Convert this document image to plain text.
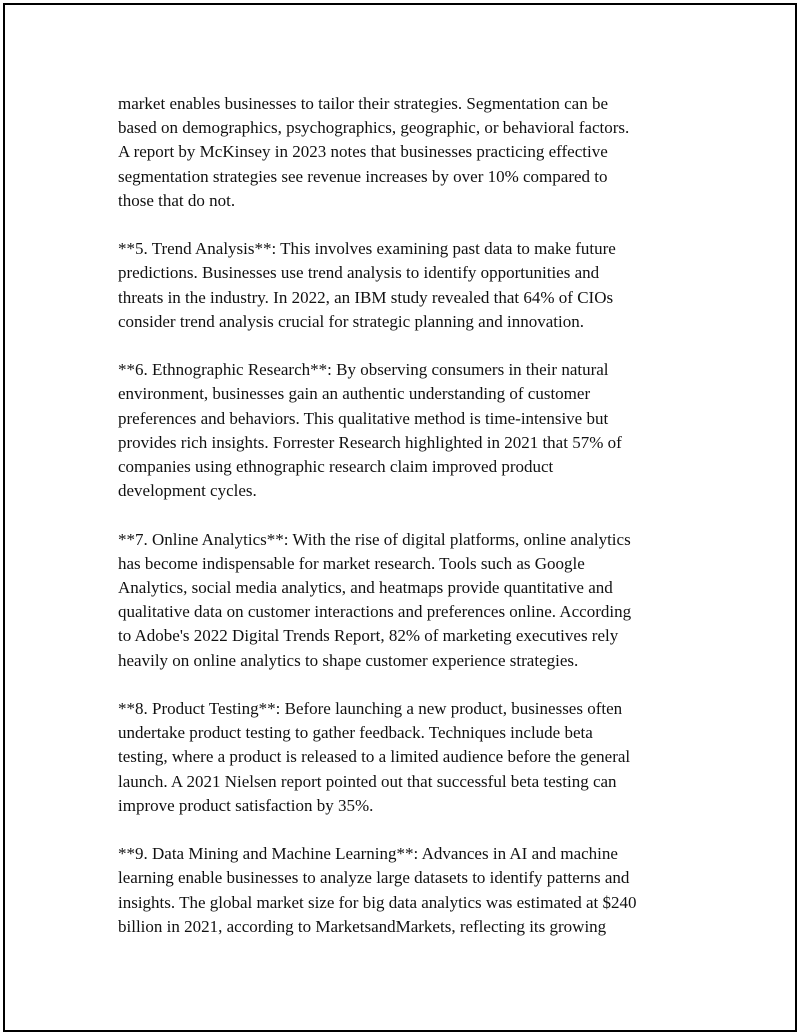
market enables businesses to tailor their strategies. Segmentation can be
based on demographics, psychographics, geographic, or behavioral factors.
A report by McKinsey in 2023 notes that businesses practicing effective
segmentation strategies see revenue increases by over 10% compared to
those that do not.

**5. Trend Analysis**: This involves examining past data to make future
predictions. Businesses use trend analysis to identify opportunities and
threats in the industry. In 2022, an IBM study revealed that 64% of CIOs
consider trend analysis crucial for strategic planning and innovation.

**6. Ethnographic Research**: By observing consumers in their natural
environment, businesses gain an authentic understanding of customer
preferences and behaviors. This qualitative method is time-intensive but
provides rich insights. Forrester Research highlighted in 2021 that 57% of
companies using ethnographic research claim improved product
development cycles.

**7. Online Analytics**: With the rise of digital platforms, online analytics
has become indispensable for market research. Tools such as Google
Analytics, social media analytics, and heatmaps provide quantitative and
qualitative data on customer interactions and preferences online. According
to Adobe's 2022 Digital Trends Report, 82% of marketing executives rely
heavily on online analytics to shape customer experience strategies.

**8. Product Testing**: Before launching a new product, businesses often
undertake product testing to gather feedback. Techniques include beta
testing, where a product is released to a limited audience before the general
launch. A 2021 Nielsen report pointed out that successful beta testing can
improve product satisfaction by 35%.

**9. Data Mining and Machine Learning**: Advances in AI and machine
learning enable businesses to analyze large datasets to identify patterns and
insights. The global market size for big data analytics was estimated at $240
billion in 2021, according to MarketsandMarkets, reflecting its growing
